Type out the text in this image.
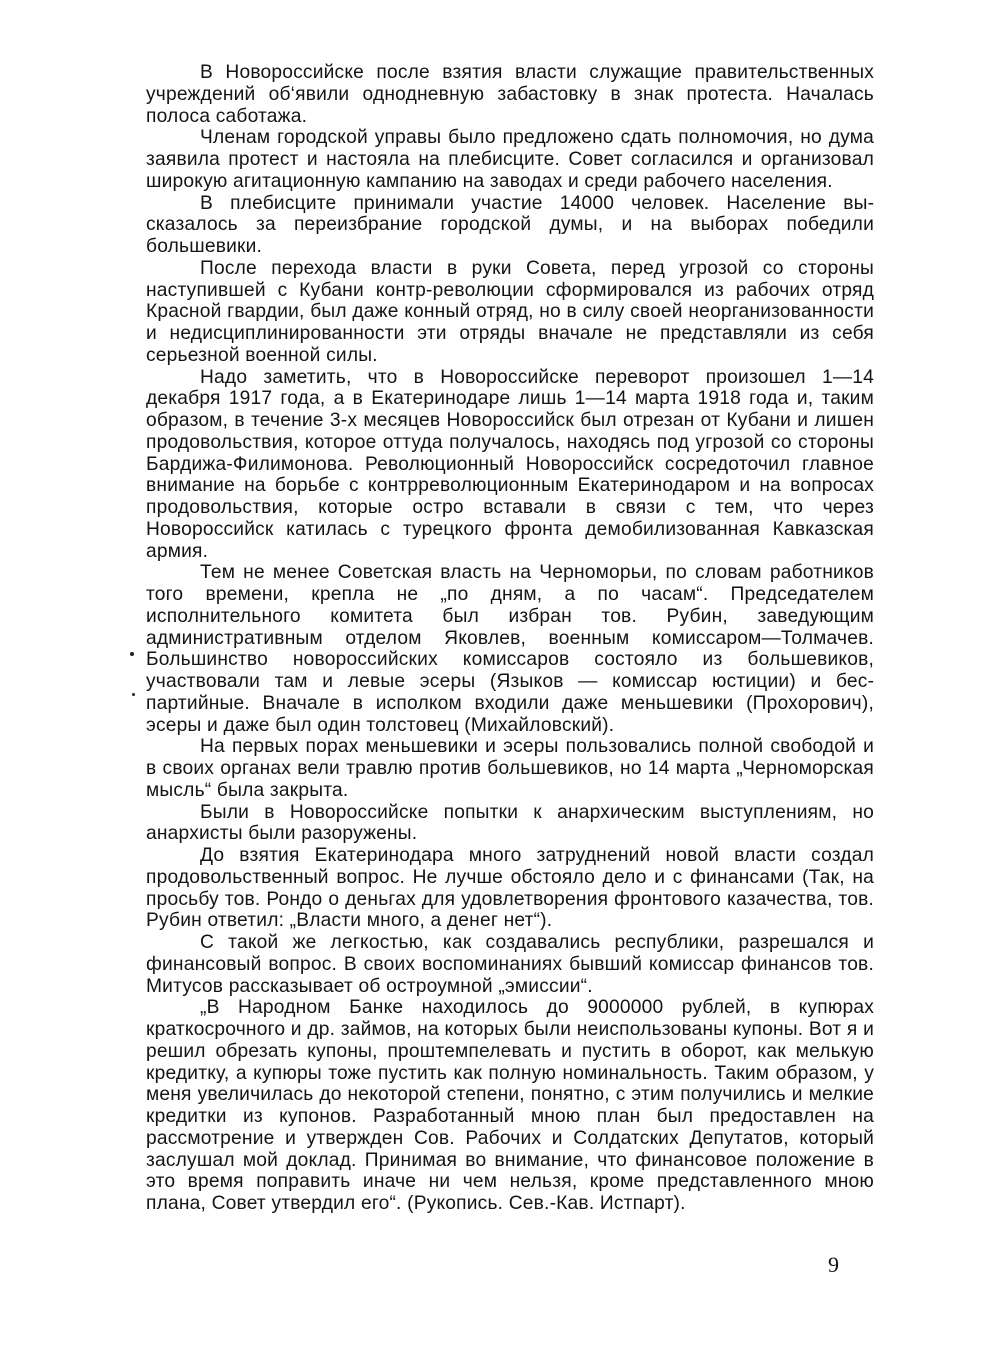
В Новороссийске после взятия власти служащие правительственных учреждений об‘явили однодневную забастовку в знак протеста. Началась полоса саботажа.

Членам городской управы было предложено сдать полномочия, но дума заявила протест и настояла на плебисците. Совет согласился и организовал широкую агитационную кампанию на заводах и среди рабочего населения.

В плебисците принимали участие 14000 человек. Население высказалось за переизбрание городской думы, и на выборах победили большевики.

После перехода власти в руки Совета, перед угрозой со стороны наступившей с Кубани контр-революции сформировался из рабочих отряд Красной гвардии, был даже конный отряд, но в силу своей неорганизованности и недисциплинированности эти отряды вначале не представляли из себя серьезной военной силы.

Надо заметить, что в Новороссийске переворот произошел 1—14 декабря 1917 года, а в Екатеринодаре лишь 1—14 марта 1918 года и, таким образом, в течение 3-х месяцев Новороссийск был отрезан от Кубани и лишен продовольствия, которое оттуда получалось, находясь под угрозой со стороны Бардижа-Филимонова. Революционный Новороссийск сосредоточил главное внимание на борьбе с контрреволюционным Екатеринодаром и на вопросах продовольствия, которые остро вставали в связи с тем, что через Новороссийск катилась с турецкого фронта демобилизованная Кавказская армия.

Тем не менее Советская власть на Черноморьи, по словам работников того времени, крепла не „по дням, а по часам“. Председателем исполнительного комитета был избран тов. Рубин, заведующим административным отделом Яковлев, военным комиссаром—Толмачев. Большинство новороссийских комиссаров состояло из большевиков, участвовали там и левые эсеры (Языков — комиссар юстиции) и беспартийные. Вначале в исполком входили даже меньшевики (Прохорович), эсеры и даже был один толстовец (Михайловский).

На первых порах меньшевики и эсеры пользовались полной свободой и в своих органах вели травлю против большевиков, но 14 марта „Черноморская мысль“ была закрыта.

Были в Новороссийске попытки к анархическим выступлениям, но анархисты были разоружены.

До взятия Екатеринодара много затруднений новой власти создал продовольственный вопрос. Не лучше обстояло дело и с финансами (Так, на просьбу тов. Рондо о деньгах для удовлетворения фронтового казачества, тов. Рубин ответил: „Власти много, а денег нет“).

С такой же легкостью, как создавались республики, разрешался и финансовый вопрос. В своих воспоминаниях бывший комиссар финансов тов. Митусов рассказывает об остроумной „эмиссии“.

„В Народном Банке находилось до 9000000 рублей, в купюрах краткосрочного и др. займов, на которых были неиспользованы купоны. Вот я и решил обрезать купоны, проштемпелевать и пустить в оборот, как мелькую кредитку, а купюры тоже пустить как полную номинальность. Таким образом, у меня увеличилась до некоторой степени, понятно, с этим получились и мелкие кредитки из купонов. Разработанный мною план был предоставлен на рассмотрение и утвержден Сов. Рабочих и Солдатских Депутатов, который заслушал мой доклад. Принимая во внимание, что финансовое положение в это время поправить иначе ни чем нельзя, кроме представленного мною плана, Совет утвердил его“. (Рукопись. Сев.-Кав. Истпарт).

9
